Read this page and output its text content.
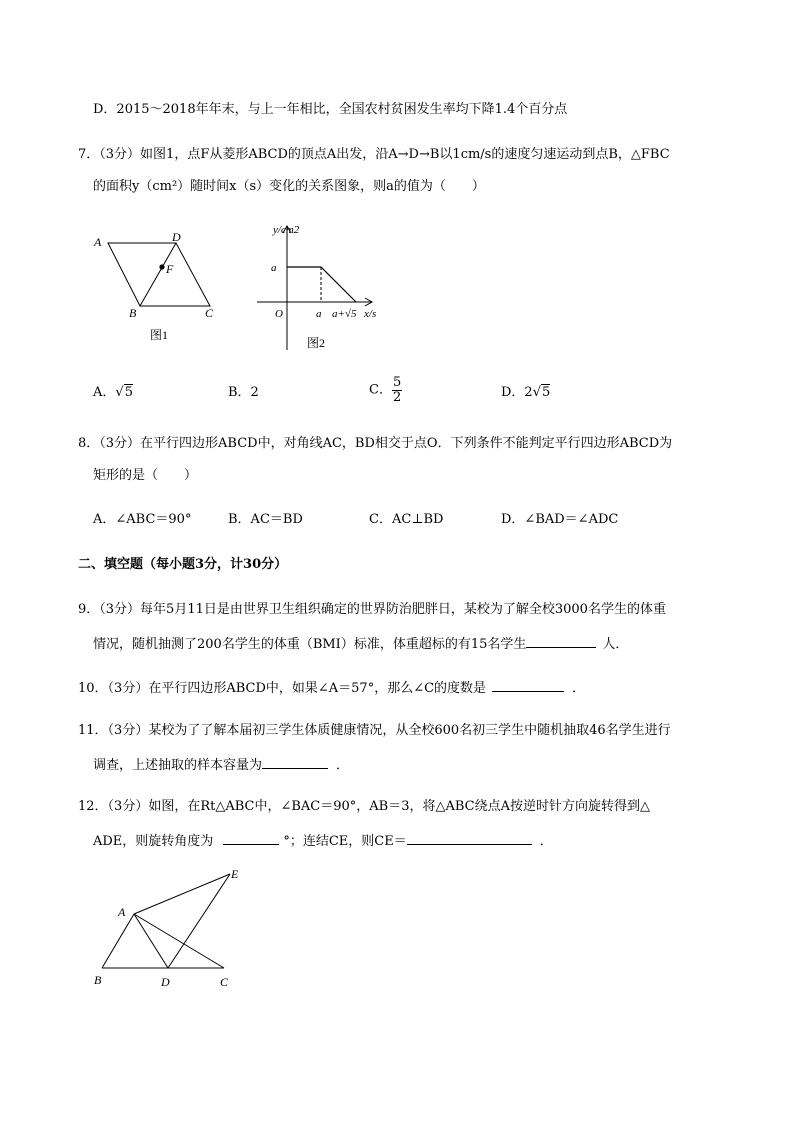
D．2015～2018年年末，与上一年相比，全国农村贫困发生率均下降1.4个百分点
7．（3分）如图1，点F从菱形ABCD的顶点A出发，沿A→D→B以1cm/s的速度匀速运动到点B，△FBC
的面积y（cm²）随时间x（s）变化的关系图象，则a的值为（　　）
A	D
F
B	C
图1
y/cm2
a
O	a a+√5 x/s
图2
A．√5	B．2	C． $\frac{5}{2}$	D．2√5
8．（3分）在平行四边形ABCD中，对角线AC，BD相交于点O．下列条件不能判定平行四边形ABCD为
矩形的是（　　）
A．∠ABC＝90°	B．AC＝BD	C．AC⊥BD	D．∠BAD＝∠ADC
二、填空题（每小题3分，计30分）
9．（3分）每年5月11日是由世界卫生组织确定的世界防治肥胖日，某校为了解全校3000名学生的体重
情况，随机抽测了200名学生的体重（BMI）标准，体重超标的有15名学生	人．
10．（3分）在平行四边形ABCD中，如果∠A＝57°，那么∠C的度数是	．
11．（3分）某校为了了解本届初三学生体质健康情况，从全校600名初三学生中随机抽取46名学生进行
调查，上述抽取的样本容量为	．
12．（3分）如图，在Rt△ABC中，∠BAC＝90°，AB＝3，将△ABC绕点A按逆时针方向旋转得到△
ADE，则旋转角度为	°；连结CE，则CE＝	．
A
E
B	D	C
